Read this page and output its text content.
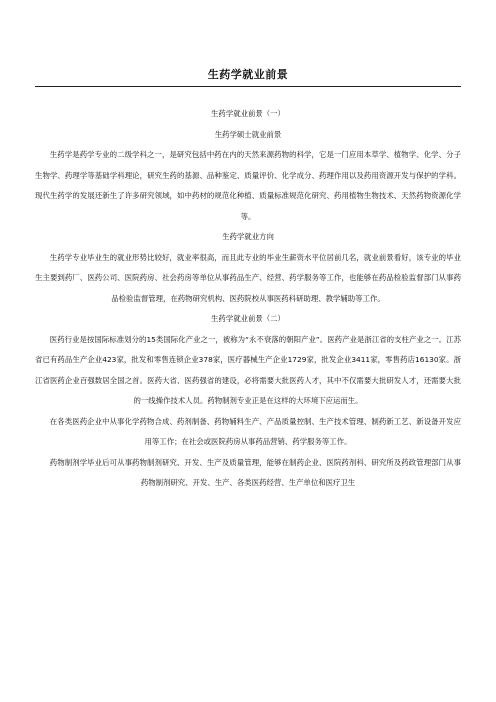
生药学就业前景

生药学就业前景（一）

生药学硕士就业前景

生药学是药学专业的二级学科之一，是研究包括中药在内的天然来源药物的科学，它是一门应用本草学、植物学、化学、分子生物学、药理学等基础学科理论，研究生药的基源、品种鉴定、质量评价、化学成分、药理作用以及药用资源开发与保护的学科。现代生药学的发展还新生了许多研究领域，如中药材的规范化种植、质量标准规范化研究、药用植物生物技术、天然药物资源化学等。

生药学就业方向

生药学专业毕业生的就业形势比较好，就业率很高，而且此专业的毕业生薪资水平位居前几名，就业前景看好，该专业的毕业生主要到药厂、医药公司、医院药房、社会药房等单位从事药品生产、经营、药学服务等工作，也能够在药品检验监督部门从事药品检验监督管理，在药物研究机构、医药院校从事医药科研助理、教学辅助等工作。

生药学就业前景（二）

医药行业是按国际标准划分的15类国际化产业之一，被称为“永不衰落的朝阳产业”。医药产业是浙江省的支柱产业之一。江苏省已有药品生产企业423家，批发和零售连锁企业378家，医疗器械生产企业1729家，批发企业3411家，零售药店16130家。浙江省医药企业百强数居全国之首。医药大省、医药强省的建设，必将需要大批医药人才，其中不仅需要大批研发人才，还需要大批的一线操作技术人员。药物制剂专业正是在这样的大环境下应运而生。

在各类医药企业中从事化学药物合成、药剂制备、药物辅料生产、产品质量控制、生产技术管理、制药新工艺、新设备开发应用等工作；在社会或医院药房从事药品营销、药学服务等工作。

药物制剂学毕业后可从事药物制剂研究、开发、生产及质量管理，能够在制药企业、医院药剂科、研究所及药政管理部门从事药物制剂研究、开发、生产、各类医药经营、生产单位和医疗卫生
